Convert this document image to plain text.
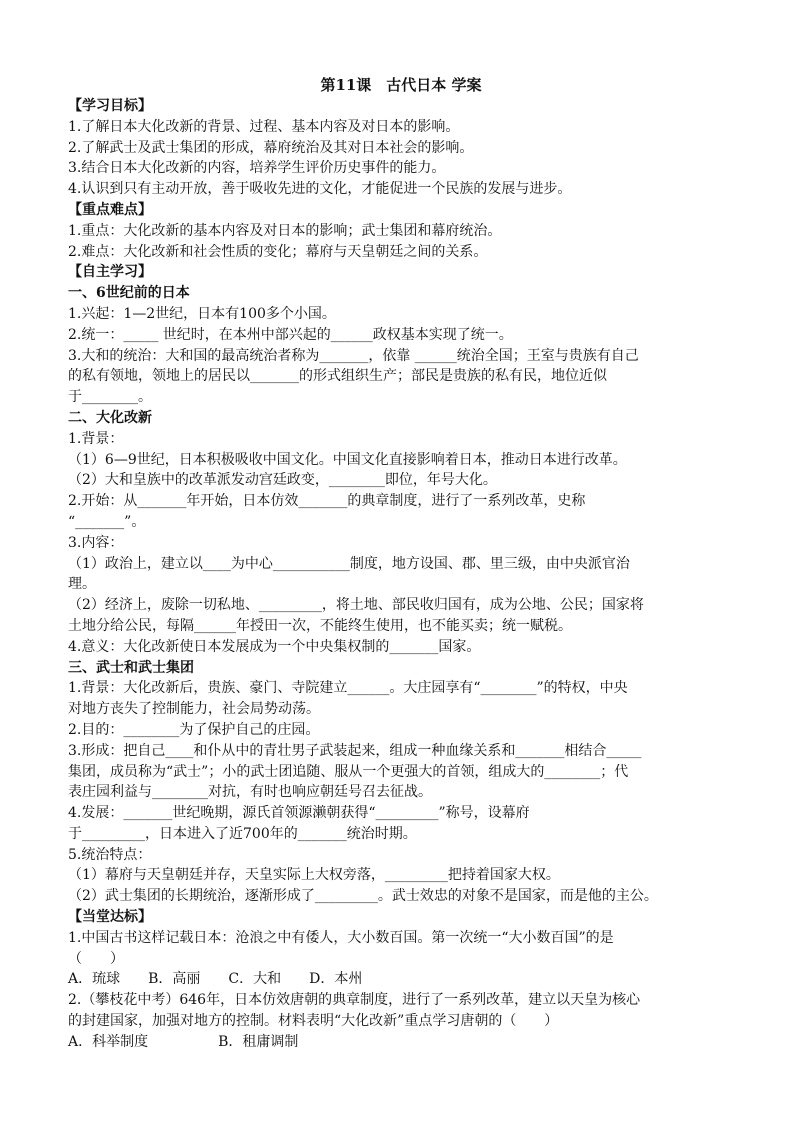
第11课　古代日本 学案
【学习目标】
1.了解日本大化改新的背景、过程、基本内容及对日本的影响。
2.了解武士及武士集团的形成，幕府统治及其对日本社会的影响。
3.结合日本大化改新的内容，培养学生评价历史事件的能力。
4.认识到只有主动开放，善于吸收先进的文化，才能促进一个民族的发展与进步。
【重点难点】
1.重点：大化改新的基本内容及对日本的影响；武士集团和幕府统治。
2.难点：大化改新和社会性质的变化；幕府与天皇朝廷之间的关系。
【自主学习】
一、6世纪前的日本
1.兴起：1—2世纪，日本有100多个小国。
2.统一：_____ 世纪时，在本州中部兴起的______政权基本实现了统一。
3.大和的统治：大和国的最高统治者称为_______，依靠 ______统治全国；王室与贵族有自己
的私有领地，领地上的居民以_______的形式组织生产；部民是贵族的私有民，地位近似
于________。
二、大化改新
1.背景：
（1）6—9世纪，日本积极吸收中国文化。中国文化直接影响着日本，推动日本进行改革。
（2）大和皇族中的改革派发动宫廷政变，________即位，年号大化。
2.开始：从_______年开始，日本仿效_______的典章制度，进行了一系列改革，史称
“_______”。
3.内容：
（1）政治上，建立以____为中心___________制度，地方设国、郡、里三级，由中央派官治
理。
（2）经济上，废除一切私地、_________，将土地、部民收归国有，成为公地、公民；国家将
土地分给公民，每隔______年授田一次，不能终生使用，也不能买卖；统一赋税。
4.意义：大化改新使日本发展成为一个中央集权制的_______国家。
三、武士和武士集团
1.背景：大化改新后，贵族、豪门、寺院建立______。大庄园享有“________”的特权，中央
对地方丧失了控制能力，社会局势动荡。
2.目的：________为了保护自己的庄园。
3.形成：把自己____和仆从中的青壮男子武装起来，组成一种血缘关系和_______相结合_____
集团，成员称为“武士”；小的武士团追随、服从一个更强大的首领，组成大的________；代
表庄园利益与________对抗，有时也响应朝廷号召去征战。
4.发展：_______世纪晚期，源氏首领源濑朝获得“_________”称号，设幕府
于_________，日本进入了近700年的_______统治时期。
5.统治特点：
（1）幕府与天皇朝廷并存，天皇实际上大权旁落，_________把持着国家大权。
（2）武士集团的长期统治，逐渐形成了_________。武士效忠的对象不是国家，而是他的主公。
【当堂达标】
1.中国古书这样记载日本：沧浪之中有倭人，大小数百国。第一次统一“大小数百国”的是
（　　）
A．琉球　　B．高丽　　C．大和　　D．本州
2.（攀枝花中考）646年，日本仿效唐朝的典章制度，进行了一系列改革，建立以天皇为核心
的封建国家，加强对地方的控制。材料表明“大化改新”重点学习唐朝的（　　）
A．科举制度　　　　　B．租庸调制
